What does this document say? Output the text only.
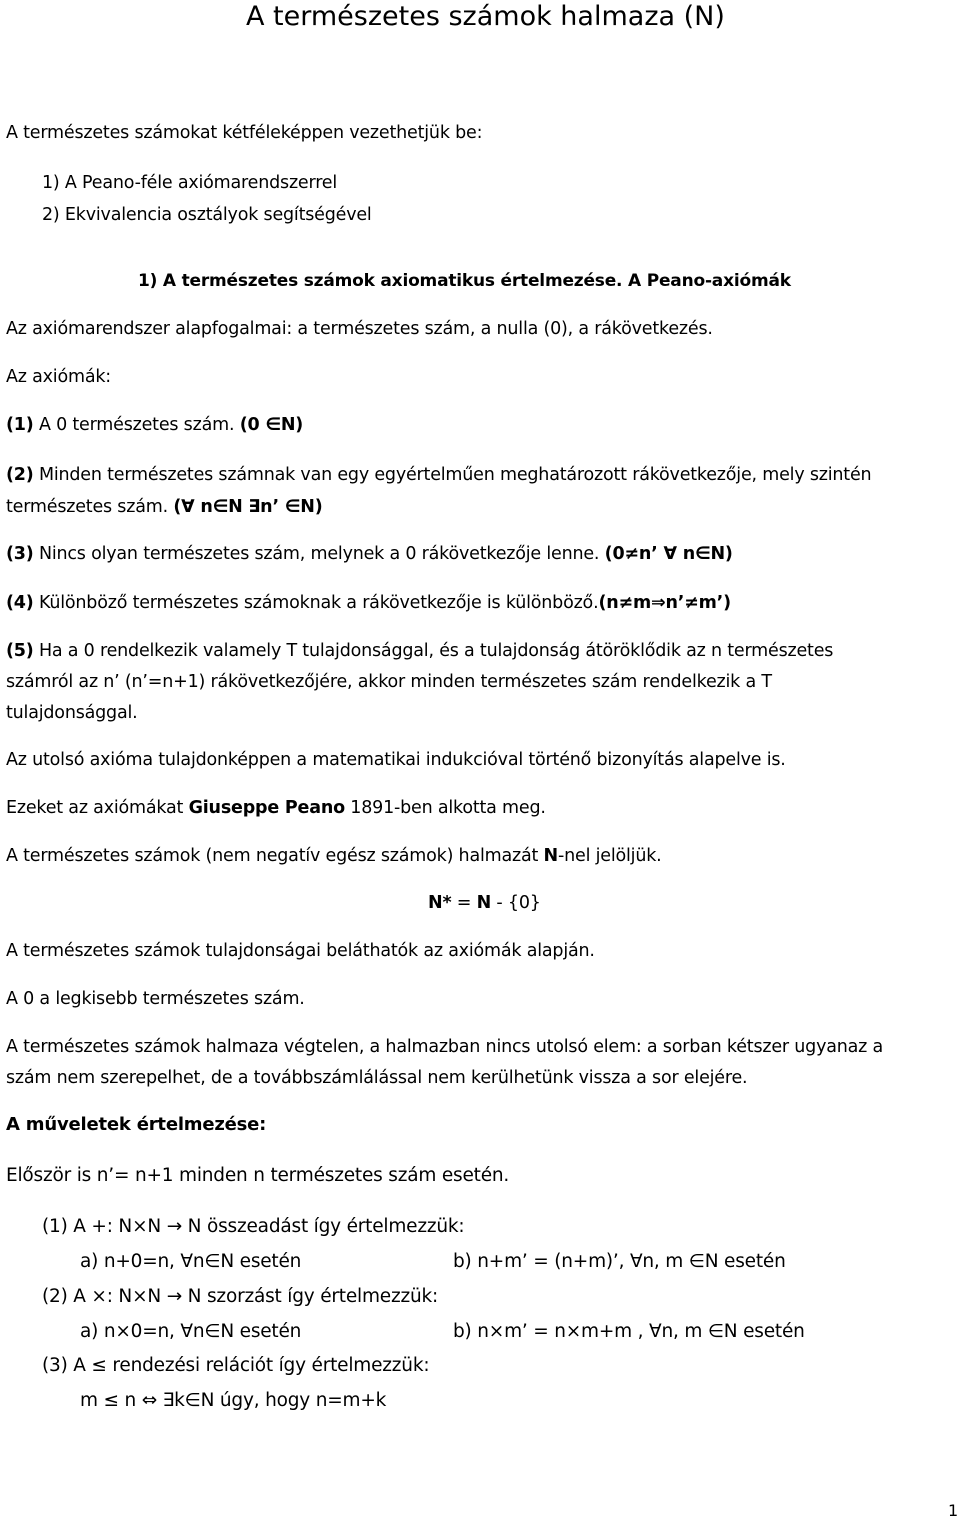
A természetes számok halmaza (N)
A természetes számokat kétféleképpen vezethetjük be:
1) A Peano-féle axiómarendszerrel
2) Ekvivalencia osztályok segítségével
1) A természetes számok axiomatikus értelmezése. A Peano-axiómák
Az axiómarendszer alapfogalmai: a természetes szám, a nulla (0), a rákövetkezés.
Az axiómák:
(1) A 0 természetes szám. (0 ∈N)
(2) Minden természetes számnak van egy egyértelműen meghatározott rákövetkezője, mely szintén
természetes szám. (∀ n∈N ∃n’ ∈N)
(3) Nincs olyan természetes szám, melynek a 0 rákövetkezője lenne. (0≠n’ ∀ n∈N)
(4) Különböző természetes számoknak a rákövetkezője is különböző.(n≠m⇒n’≠m’)
(5) Ha a 0 rendelkezik valamely T tulajdonsággal, és a tulajdonság átöröklődik az n természetes
számról az n’ (n’=n+1) rákövetkezőjére, akkor minden természetes szám rendelkezik a T
tulajdonsággal.
Az utolsó axióma tulajdonképpen a matematikai indukcióval történő bizonyítás alapelve is.
Ezeket az axiómákat Giuseppe Peano 1891-ben alkotta meg.
A természetes számok (nem negatív egész számok) halmazát N-nel jelöljük.
N* = N - {0}
A természetes számok tulajdonságai beláthatók az axiómák alapján.
A 0 a legkisebb természetes szám.
A természetes számok halmaza végtelen, a halmazban nincs utolsó elem: a sorban kétszer ugyanaz a
szám nem szerepelhet, de a továbbszámlálással nem kerülhetünk vissza a sor elejére.
A műveletek értelmezése:
Először is n’= n+1 minden n természetes szám esetén.
(1) A +: N×N → N összeadást így értelmezzük:
a) n+0=n, ∀n∈N esetén	b) n+m’ = (n+m)’, ∀n, m ∈N esetén
(2) A ×: N×N → N szorzást így értelmezzük:
a) n×0=n, ∀n∈N esetén	b) n×m’ = n×m+m , ∀n, m ∈N esetén
(3) A ≤ rendezési relációt így értelmezzük:
m ≤ n ⇔ ∃k∈N úgy, hogy n=m+k
1
